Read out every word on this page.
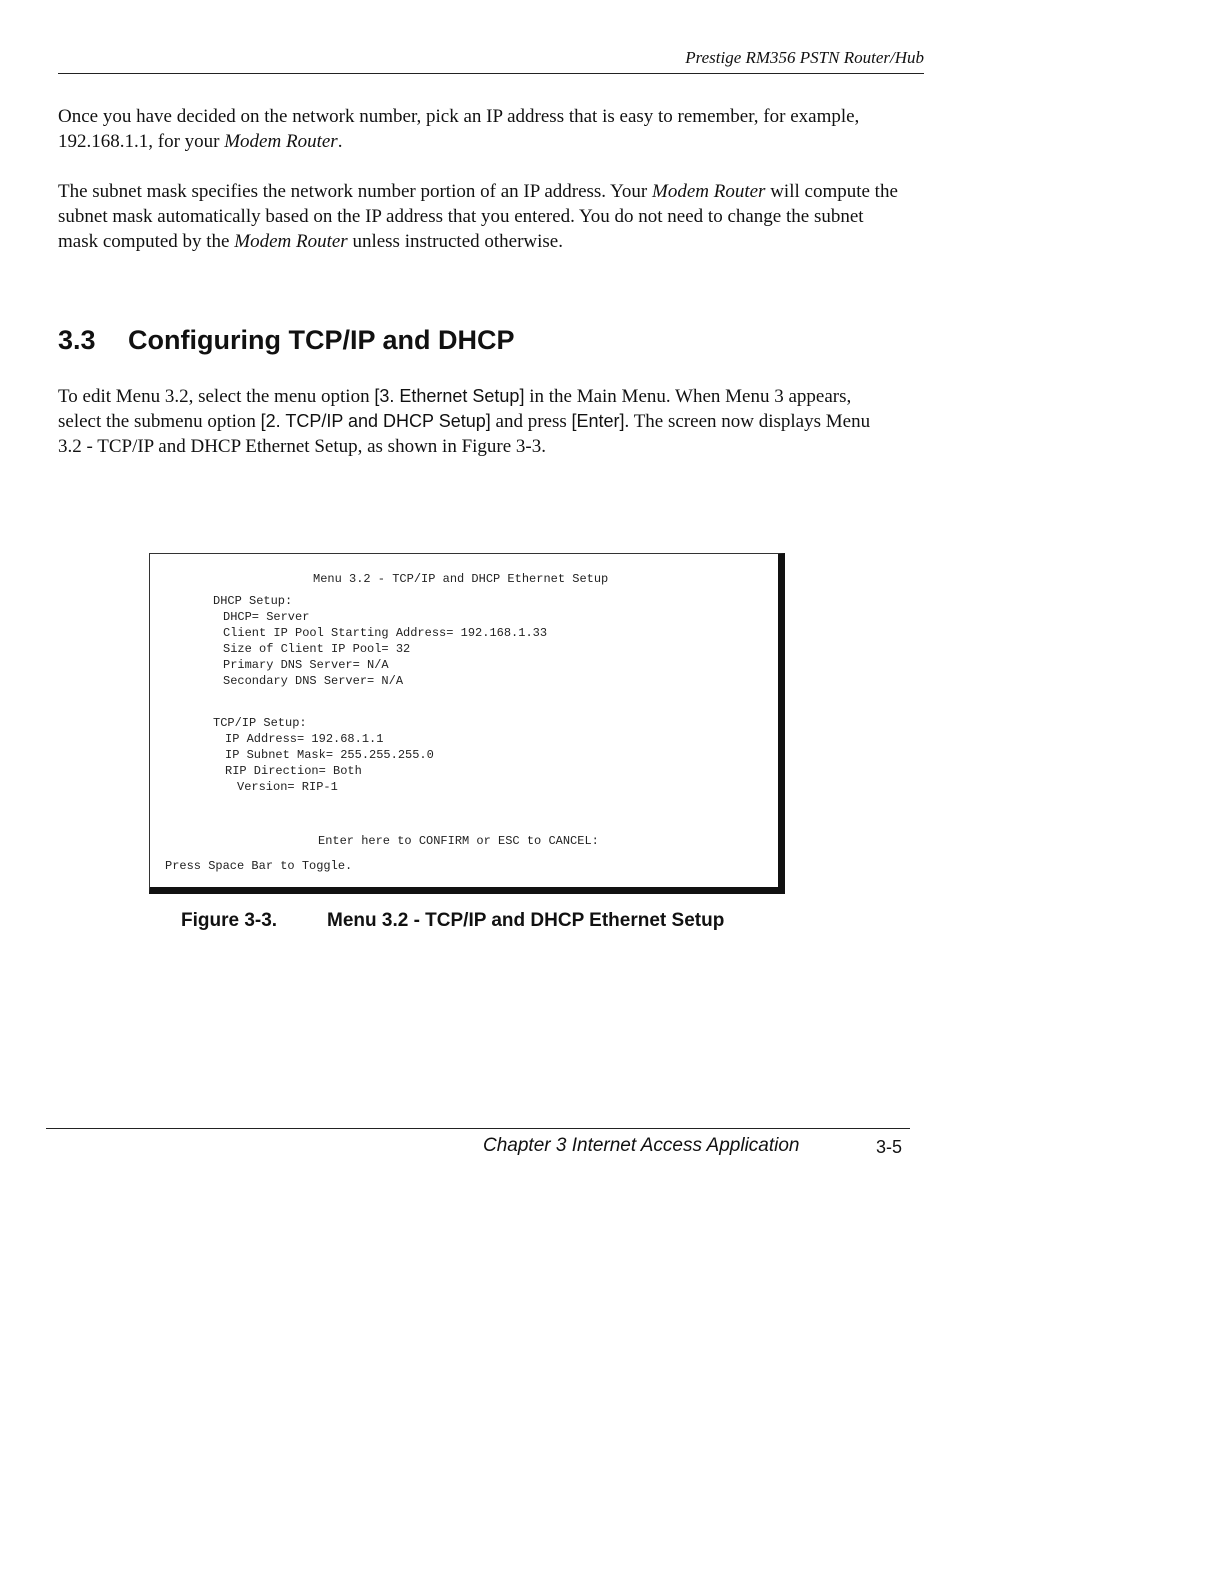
Prestige RM356 PSTN Router/Hub

Once you have decided on the network number, pick an IP address that is easy to remember, for example, 192.168.1.1, for your Modem Router.

The subnet mask specifies the network number portion of an IP address. Your Modem Router will compute the subnet mask automatically based on the IP address that you entered. You do not need to change the subnet mask computed by the Modem Router unless instructed otherwise.

3.3 Configuring TCP/IP and DHCP

To edit Menu 3.2, select the menu option [3. Ethernet Setup] in the Main Menu. When Menu 3 appears, select the submenu option [2. TCP/IP and DHCP Setup] and press [Enter]. The screen now displays Menu 3.2 - TCP/IP and DHCP Ethernet Setup, as shown in Figure 3-3.

Menu 3.2 - TCP/IP and DHCP Ethernet Setup
DHCP Setup:
DHCP= Server
Client IP Pool Starting Address= 192.168.1.33
Size of Client IP Pool= 32
Primary DNS Server= N/A
Secondary DNS Server= N/A
TCP/IP Setup:
IP Address= 192.68.1.1
IP Subnet Mask= 255.255.255.0
RIP Direction= Both
Version= RIP-1
Enter here to CONFIRM or ESC to CANCEL:
Press Space Bar to Toggle.
Figure 3-3.	Menu 3.2 - TCP/IP and DHCP Ethernet Setup
Chapter 3 Internet Access Application	3-5
